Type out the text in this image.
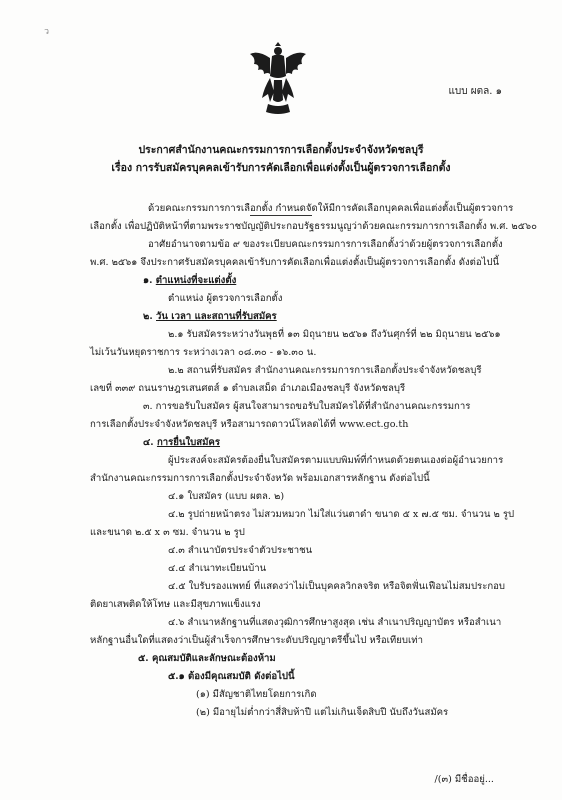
ว
แบบ ผตล. ๑
ประกาศสำนักงานคณะกรรมการการเลือกตั้งประจำจังหวัดชลบุรี
เรื่อง การรับสมัครบุคคลเข้ารับการคัดเลือกเพื่อแต่งตั้งเป็นผู้ตรวจการเลือกตั้ง
ด้วยคณะกรรมการการเลือกตั้ง กำหนดจัดให้มีการคัดเลือกบุคคลเพื่อแต่งตั้งเป็นผู้ตรวจการ
เลือกตั้ง เพื่อปฏิบัติหน้าที่ตามพระราชบัญญัติประกอบรัฐธรรมนูญว่าด้วยคณะกรรมการการเลือกตั้ง พ.ศ. ๒๕๖๐
อาศัยอำนาจตามข้อ ๙ ของระเบียบคณะกรรมการการเลือกตั้งว่าด้วยผู้ตรวจการเลือกตั้ง
พ.ศ. ๒๕๖๑ จึงประกาศรับสมัครบุคคลเข้ารับการคัดเลือกเพื่อแต่งตั้งเป็นผู้ตรวจการเลือกตั้ง ดังต่อไปนี้
๑. ตำแหน่งที่จะแต่งตั้ง
ตำแหน่ง ผู้ตรวจการเลือกตั้ง
๒. วัน เวลา และสถานที่รับสมัคร
๒.๑ รับสมัครระหว่างวันพุธที่ ๑๓ มิถุนายน ๒๕๖๑ ถึงวันศุกร์ที่ ๒๒ มิถุนายน ๒๕๖๑
ไม่เว้นวันหยุดราชการ ระหว่างเวลา ๐๘.๓๐ - ๑๖.๓๐ น.
๒.๒ สถานที่รับสมัคร สำนักงานคณะกรรมการการเลือกตั้งประจำจังหวัดชลบุรี
เลขที่ ๓๓๙ ถนนราษฎรเสนศตส์ ๑ ตำบลเสม็ด อำเภอเมืองชลบุรี จังหวัดชลบุรี
๓. การขอรับใบสมัคร ผู้สนใจสามารถขอรับใบสมัครได้ที่สำนักงานคณะกรรมการ
การเลือกตั้งประจำจังหวัดชลบุรี หรือสามารถดาวน์โหลดได้ที่ www.ect.go.th
๔. การยื่นใบสมัคร
ผู้ประสงค์จะสมัครต้องยื่นใบสมัครตามแบบพิมพ์ที่กำหนดด้วยตนเองต่อผู้อำนวยการ
สำนักงานคณะกรรมการการเลือกตั้งประจำจังหวัด พร้อมเอกสารหลักฐาน ดังต่อไปนี้
๔.๑ ใบสมัคร (แบบ ผตล. ๒)
๔.๒ รูปถ่ายหน้าตรง ไม่สวมหมวก ไม่ใส่แว่นตาดำ ขนาด ๕ x ๗.๕ ซม. จำนวน ๒ รูป
และขนาด ๒.๕ x ๓ ซม. จำนวน ๒ รูป
๔.๓ สำเนาบัตรประจำตัวประชาชน
๔.๔ สำเนาทะเบียนบ้าน
๔.๕ ใบรับรองแพทย์ ที่แสดงว่าไม่เป็นบุคคลวิกลจริต หรือจิตฟั่นเฟือนไม่สมประกอบ
ติดยาเสพติดให้โทษ และมีสุขภาพแข็งแรง
๔.๖ สำเนาหลักฐานที่แสดงวุฒิการศึกษาสูงสุด เช่น สำเนาปริญญาบัตร หรือสำเนา
หลักฐานอื่นใดที่แสดงว่าเป็นผู้สำเร็จการศึกษาระดับปริญญาตรีขึ้นไป หรือเทียบเท่า
๕. คุณสมบัติและลักษณะต้องห้าม
๕.๑ ต้องมีคุณสมบัติ ดังต่อไปนี้
(๑) มีสัญชาติไทยโดยการเกิด
(๒) มีอายุไม่ต่ำกว่าสี่สิบห้าปี แต่ไม่เกินเจ็ดสิบปี นับถึงวันสมัคร
/(๓) มีชื่ออยู่...
